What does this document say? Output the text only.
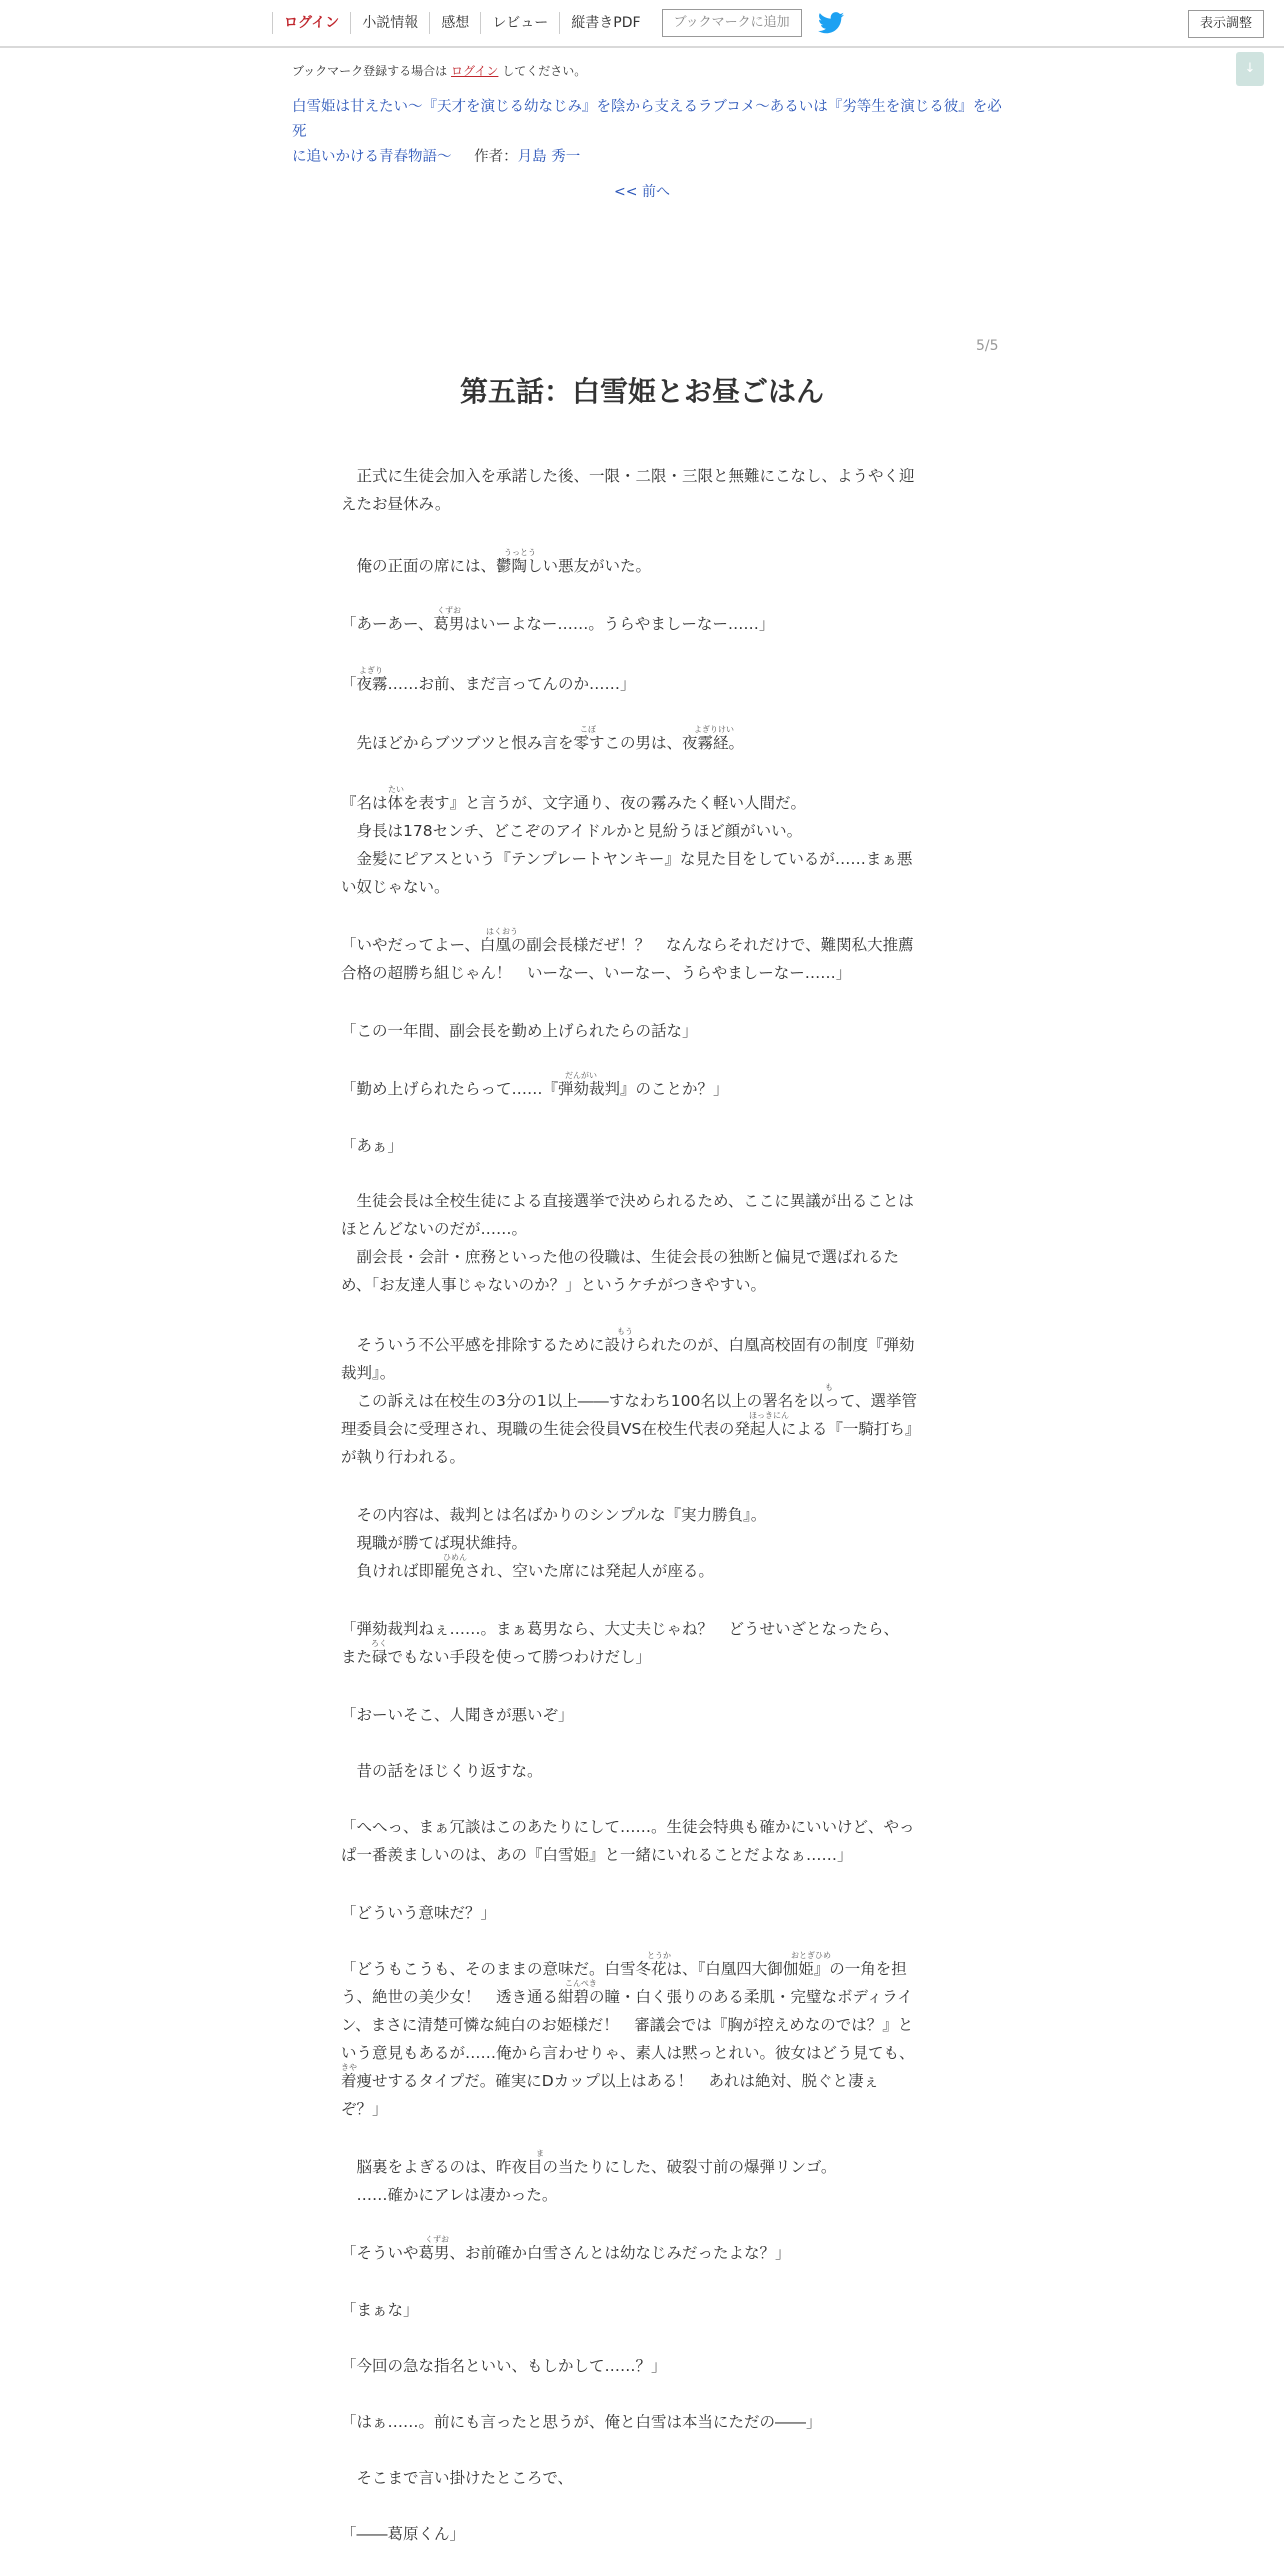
ログイン	小説情報	感想	レビュー	縦書きPDF	ブックマークに追加	表示調整
↓
ブックマーク登録する場合は ログイン してください。
白雪姫は甘えたい～『天才を演じる幼なじみ』を陰から支えるラブコメ～あるいは『劣等生を演じる彼』を必死
に追いかける青春物語～ 作者：月島 秀一
<< 前へ
5/5
第五話：白雪姫とお昼ごはん
　正式に生徒会加入を承諾した後、一限・二限・三限と無難にこなし、ようやく迎
えたお昼休み。
うっとう
　俺の正面の席には、鬱陶しい悪友がいた。
くずお
「あーあー、葛男はいーよなー……。うらやましーなー……」
よぎり
「夜霧……お前、まだ言ってんのか……」
こぼ	よぎりけい
　先ほどからブツブツと恨み言を零すこの男は、夜霧経。
たい
『名は体を表す』と言うが、文字通り、夜の霧みたく軽い人間だ。
　身長は178センチ、どこぞのアイドルかと見紛うほど顔がいい。
　金髪にピアスという『テンプレートヤンキー』な見た目をしているが……まぁ悪
い奴じゃない。
はくおう
「いやだってよー、白凰の副会長様だぜ！？　なんならそれだけで、難関私大推薦
合格の超勝ち組じゃん！　いーなー、いーなー、うらやましーなー……」
「この一年間、副会長を勤め上げられたらの話な」
だんがい
「勤め上げられたらって……『弾劾裁判』のことか？」
「あぁ」
　生徒会長は全校生徒による直接選挙で決められるため、ここに異議が出ることは
ほとんどないのだが……。
　副会長・会計・庶務といった他の役職は、生徒会長の独断と偏見で選ばれるた
め、「お友達人事じゃないのか？」というケチがつきやすい。
もう
　そういう不公平感を排除するために設けられたのが、白凰高校固有の制度『弾劾
裁判』。
も
　この訴えは在校生の3分の1以上――すなわち100名以上の署名を以って、選挙管
ほっきにん
理委員会に受理され、現職の生徒会役員VS在校生代表の発起人による『一騎打ち』
が執り行われる。
　その内容は、裁判とは名ばかりのシンプルな『実力勝負』。
　現職が勝てば現状維持。
ひめん
　負ければ即罷免され、空いた席には発起人が座る。
「弾劾裁判ねぇ……。まぁ葛男なら、大丈夫じゃね？　どうせいざとなったら、
ろく
また碌でもない手段を使って勝つわけだし」
「おーいそこ、人聞きが悪いぞ」
　昔の話をほじくり返すな。
「へへっ、まぁ冗談はこのあたりにして……。生徒会特典も確かにいいけど、やっ
ぱ一番羨ましいのは、あの『白雪姫』と一緒にいれることだよなぁ……」
「どういう意味だ？」
とうか	おとぎひめ
「どうもこうも、そのままの意味だ。白雪冬花は、『白凰四大御伽姫』の一角を担
こんぺき
う、絶世の美少女！　透き通る紺碧の瞳・白く張りのある柔肌・完璧なボディライ
ン、まさに清楚可憐な純白のお姫様だ！　審議会では『胸が控えめなのでは？』と
いう意見もあるが……俺から言わせりゃ、素人は黙っとれい。彼女はどう見ても、
きや
着痩せするタイプだ。確実にDカップ以上はある！　あれは絶対、脱ぐと凄ぇ
ぞ？」
ま
　脳裏をよぎるのは、昨夜目の当たりにした、破裂寸前の爆弾リンゴ。
　……確かにアレは凄かった。
くずお
「そういや葛男、お前確か白雪さんとは幼なじみだったよな？」
「まぁな」
「今回の急な指名といい、もしかして……？」
「はぁ……。前にも言ったと思うが、俺と白雪は本当にただの――」
　そこまで言い掛けたところで、
「――葛原くん」
